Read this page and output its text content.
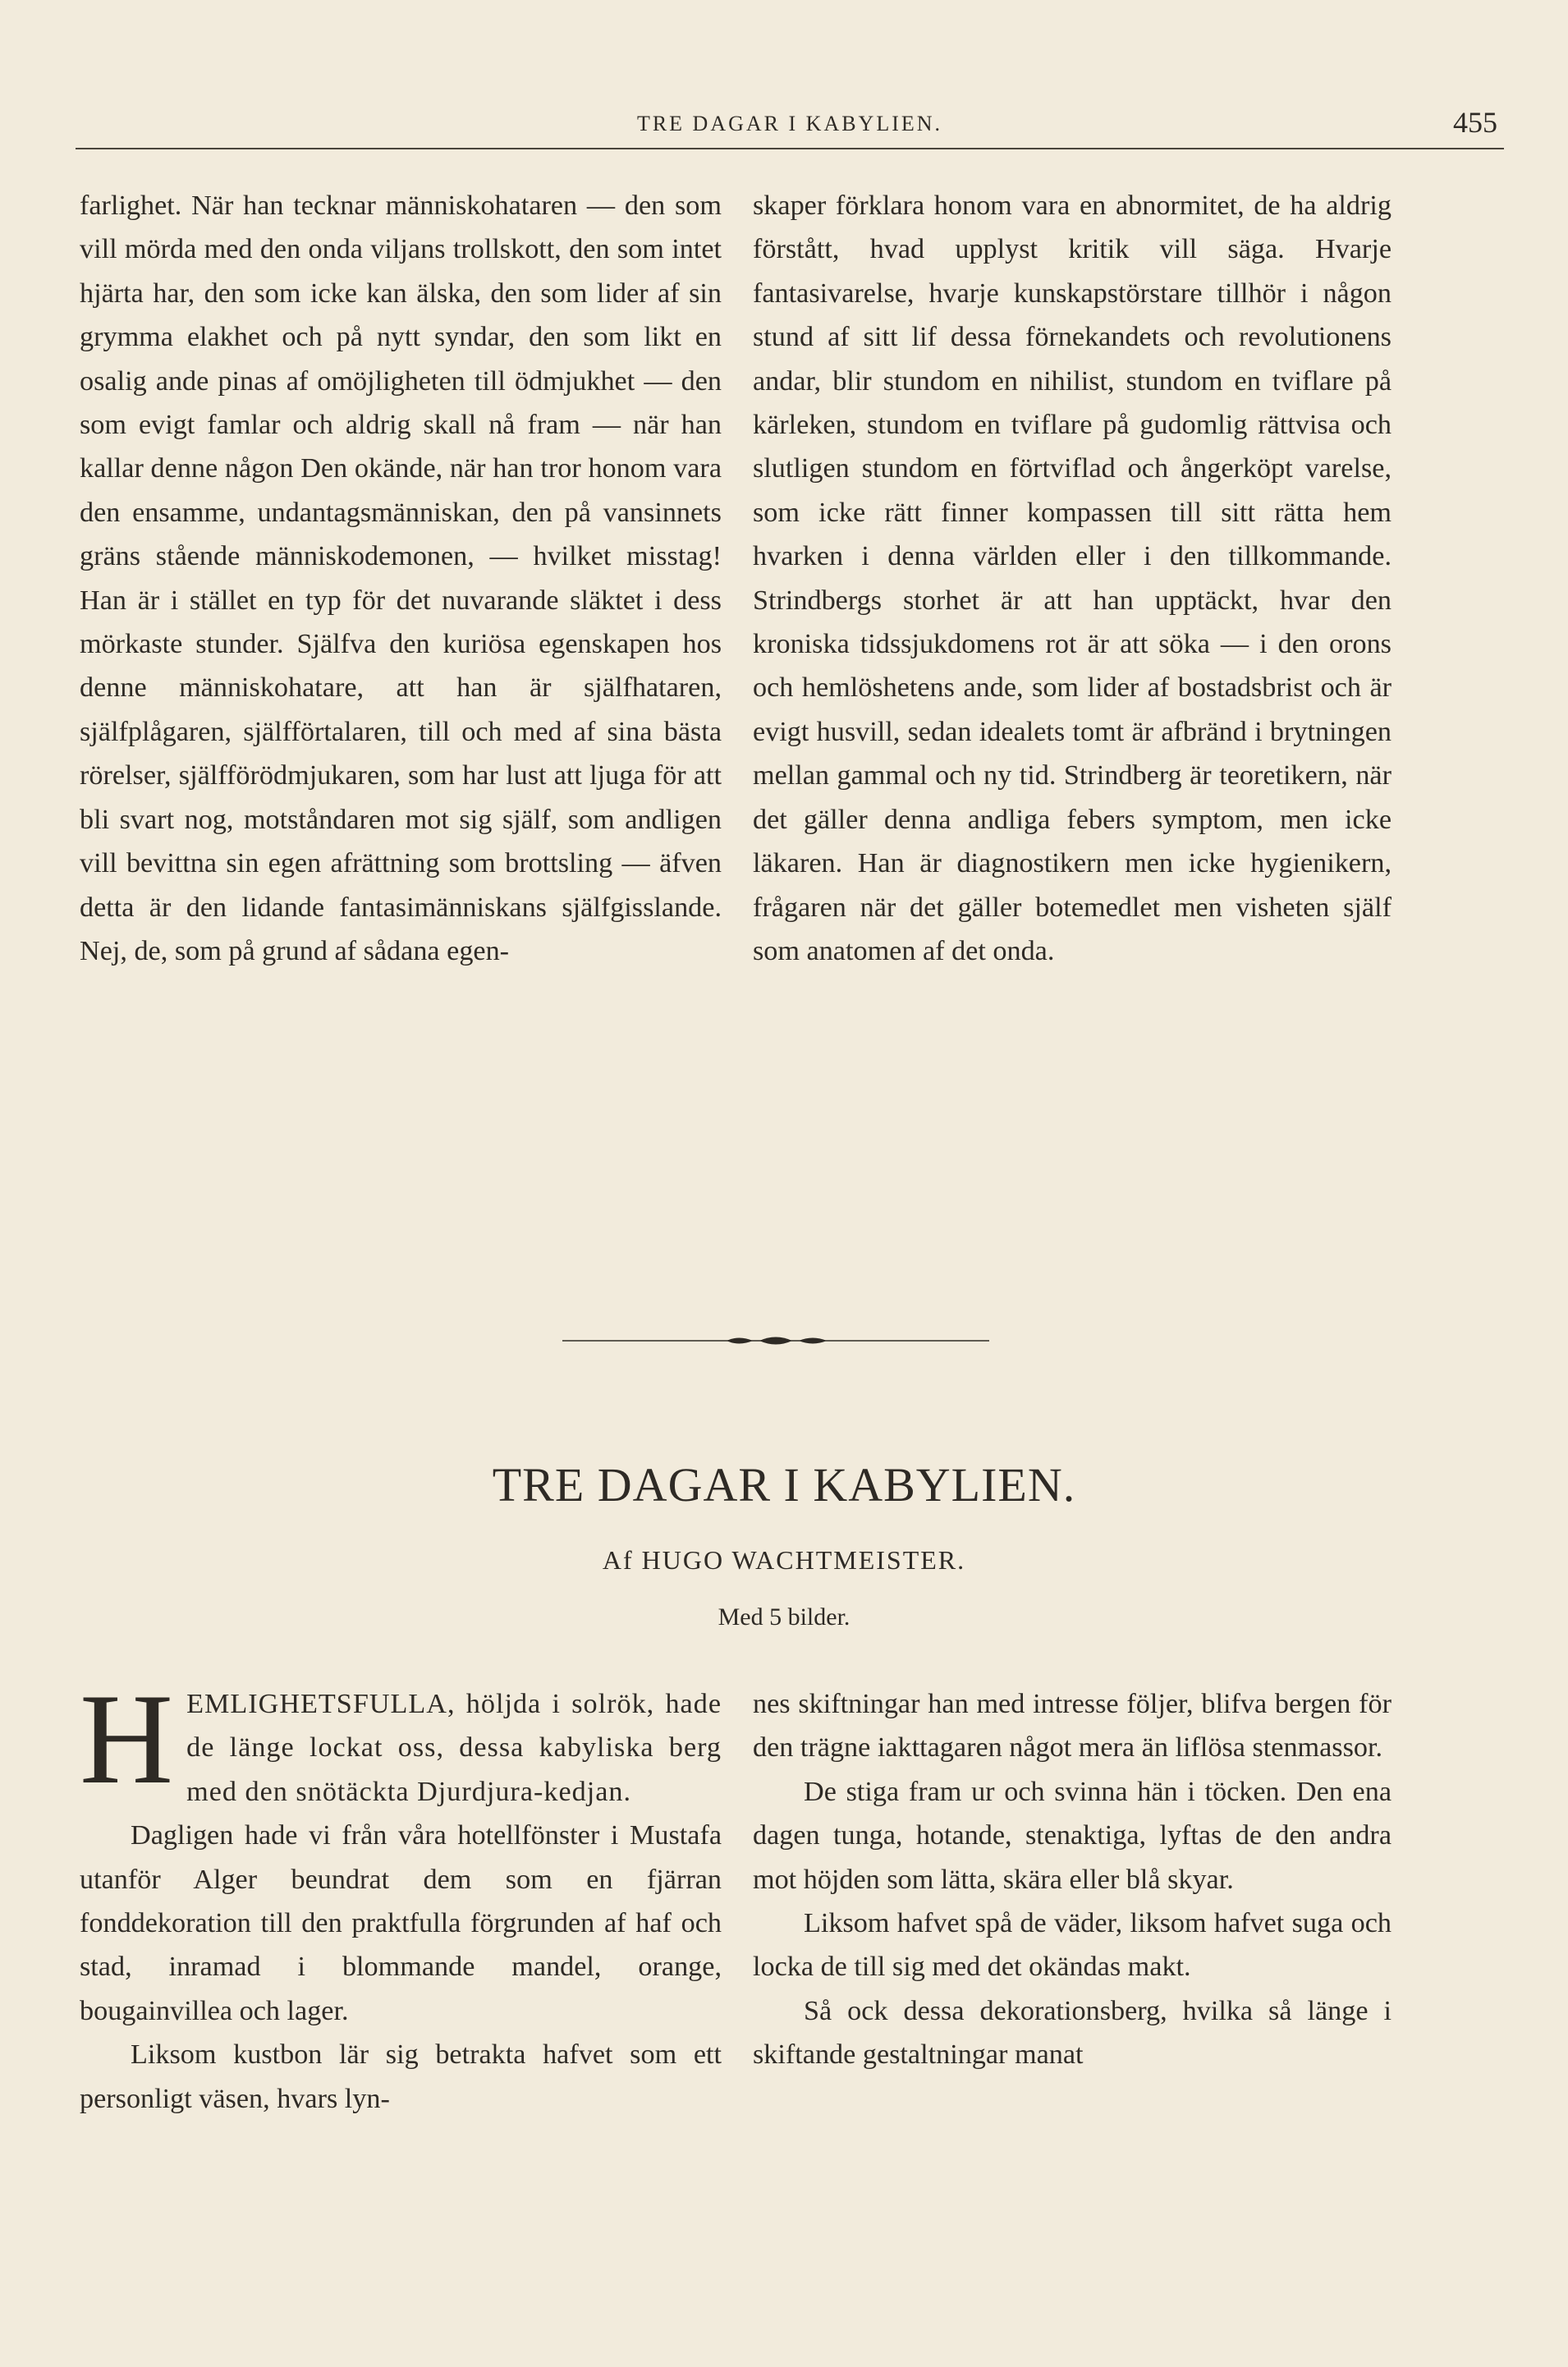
TRE DAGAR I KABYLIEN.	455

farlighet. När han tecknar människohataren — den som vill mörda med den onda viljans trollskott, den som intet hjärta har, den som icke kan älska, den som lider af sin grymma elakhet och på nytt syndar, den som likt en osalig ande pinas af omöjligheten till ödmjukhet — den som evigt famlar och aldrig skall nå fram — när han kallar denne någon Den okände, när han tror honom vara den ensamme, undantagsmänniskan, den på vansinnets gräns stående människodemonen, — hvilket misstag! Han är i stället en typ för det nuvarande släktet i dess mörkaste stunder. Själfva den kuriösa egenskapen hos denne människohatare, att han är själfhataren, själfplågaren, själfförtalaren, till och med af sina bästa rörelser, själfförödmjukaren, som har lust att ljuga för att bli svart nog, motståndaren mot sig själf, som andligen vill bevittna sin egen afrättning som brottsling — äfven detta är den lidande fantasimänniskans själfgisslande. Nej, de, som på grund af sådana egen-

skaper förklara honom vara en abnormitet, de ha aldrig förstått, hvad upplyst kritik vill säga. Hvarje fantasivarelse, hvarje kunskapstörstare tillhör i någon stund af sitt lif dessa förnekandets och revolutionens andar, blir stundom en nihilist, stundom en tviflare på kärleken, stundom en tviflare på gudomlig rättvisa och slutligen stundom en förtviflad och ångerköpt varelse, som icke rätt finner kompassen till sitt rätta hem hvarken i denna världen eller i den tillkommande. Strindbergs storhet är att han upptäckt, hvar den kroniska tidssjukdomens rot är att söka — i den orons och hemlöshetens ande, som lider af bostadsbrist och är evigt husvill, sedan idealets tomt är afbränd i brytningen mellan gammal och ny tid. Strindberg är teoretikern, när det gäller denna andliga febers symptom, men icke läkaren. Han är diagnostikern men icke hygienikern, frågaren när det gäller botemedlet men visheten själf som anatomen af det onda.

TRE DAGAR I KABYLIEN.
Af HUGO WACHTMEISTER.
Med 5 bilder.

HEMLIGHETSFULLA, höljda i solrök, hade de länge lockat oss, dessa kabyliska berg med den snötäckta Djurdjura-kedjan.

Dagligen hade vi från våra hotellfönster i Mustafa utanför Alger beundrat dem som en fjärran fonddekoration till den praktfulla förgrunden af haf och stad, inramad i blommande mandel, orange, bougainvillea och lager.

Liksom kustbon lär sig betrakta hafvet som ett personligt väsen, hvars lyn-

nes skiftningar han med intresse följer, blifva bergen för den trägne iakttagaren något mera än liflösa stenmassor.

De stiga fram ur och svinna hän i töcken. Den ena dagen tunga, hotande, stenaktiga, lyftas de den andra mot höjden som lätta, skära eller blå skyar.

Liksom hafvet spå de väder, liksom hafvet suga och locka de till sig med det okändas makt.

Så ock dessa dekorationsberg, hvilka så länge i skiftande gestaltningar manat
